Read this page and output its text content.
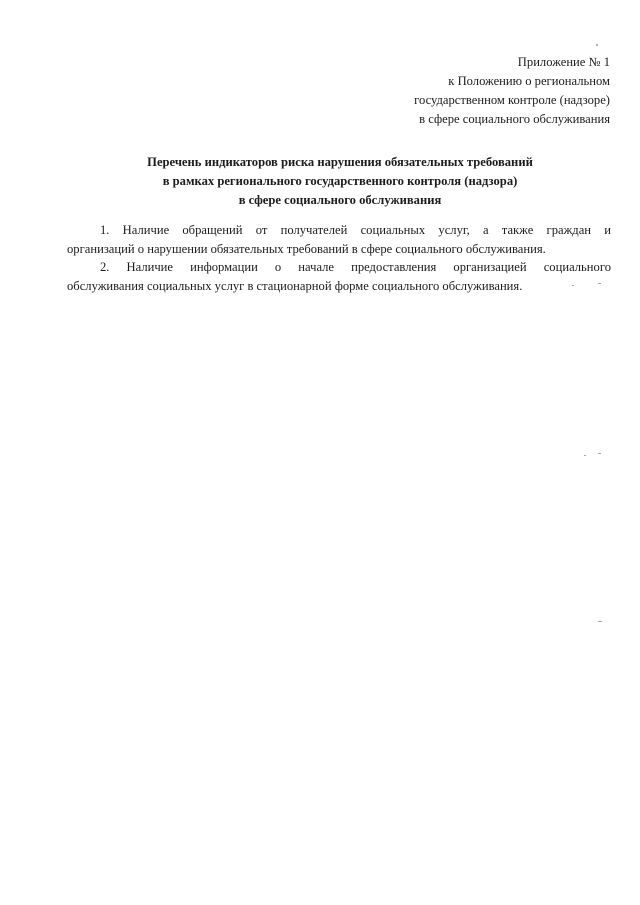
Приложение № 1
к Положению о региональном
государственном контроле (надзоре)
в сфере социального обслуживания
Перечень индикаторов риска нарушения обязательных требований
в рамках регионального государственного контроля (надзора)
в сфере социального обслуживания
1. Наличие обращений от получателей социальных услуг, а также граждан и
организаций о нарушении обязательных требований в сфере социального обслуживания.
2. Наличие информации о начале предоставления организацией социального
обслуживания социальных услуг в стационарной форме социального обслуживания.
